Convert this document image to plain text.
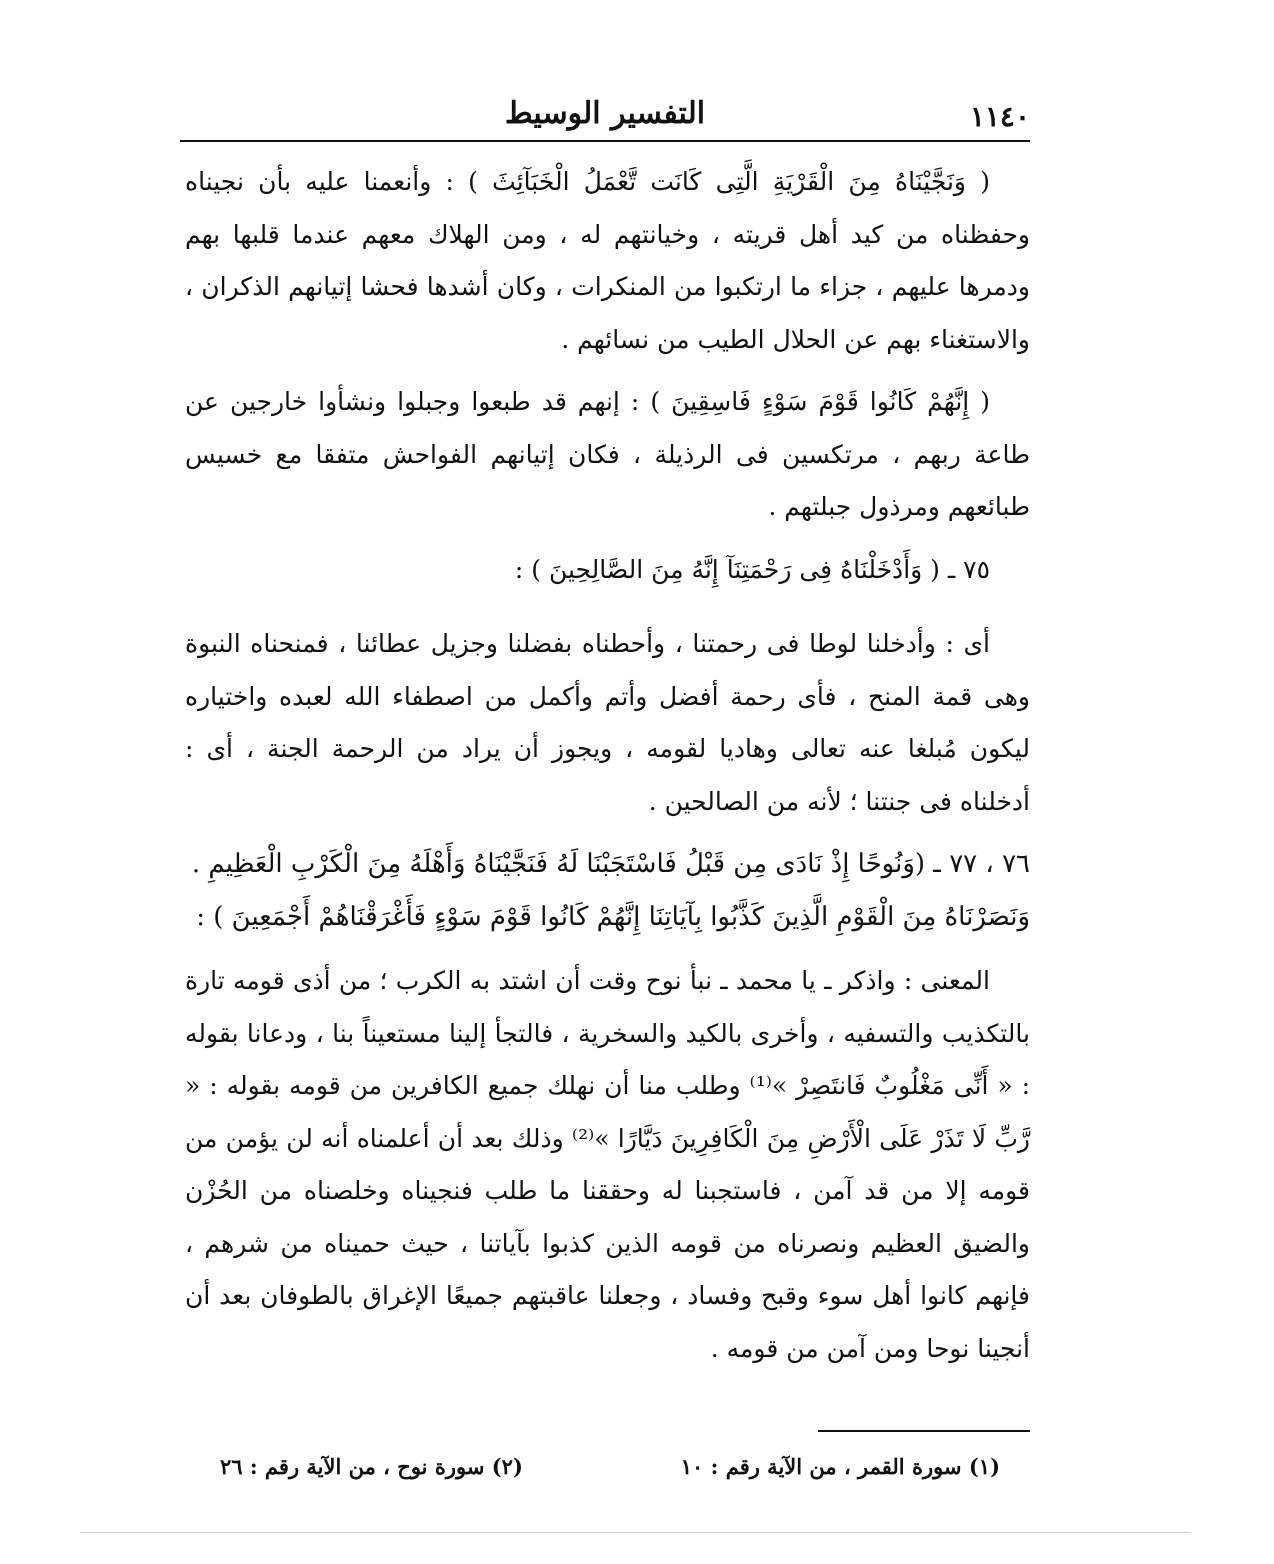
١١٤٠
التفسير الوسيط

( وَنَجَّيْنَاهُ مِنَ الْقَرْيَةِ الَّتِى كَانَت تَّعْمَلُ الْخَبَآئِثَ ) : وأنعمنا عليه بأن نجيناه وحفظناه من كيد أهل قريته ، وخيانتهم له ، ومن الهلاك معهم عندما قلبها بهم ودمرها عليهم ، جزاء ما ارتكبوا من المنكرات ، وكان أشدها فحشا إتيانهم الذكران ، والاستغناء بهم عن الحلال الطيب من نسائهم .

( إِنَّهُمْ كَانُوا قَوْمَ سَوْءٍ فَاسِقِينَ ) : إنهم قد طبعوا وجبلوا ونشأوا خارجين عن طاعة ربهم ، مرتكسين فى الرذيلة ، فكان إتيانهم الفواحش متفقا مع خسيس طبائعهم ومرذول جبلتهم .

٧٥ ـ ( وَأَدْخَلْنَاهُ فِى رَحْمَتِنَآ إِنَّهُ مِنَ الصَّالِحِينَ ) :

أى : وأدخلنا لوطا فى رحمتنا ، وأحطناه بفضلنا وجزيل عطائنا ، فمنحناه النبوة وهى قمة المنح ، فأى رحمة أفضل وأتم وأكمل من اصطفاء الله لعبده واختياره ليكون مُبلغا عنه تعالى وهاديا لقومه ، ويجوز أن يراد من الرحمة الجنة ، أى : أدخلناه فى جنتنا ؛ لأنه من الصالحين .

٧٦ ، ٧٧ ـ (وَنُوحًا إِذْ نَادَى مِن قَبْلُ فَاسْتَجَبْنَا لَهُ فَنَجَّيْنَاهُ وَأَهْلَهُ مِنَ الْكَرْبِ الْعَظِيمِ .

وَنَصَرْنَاهُ مِنَ الْقَوْمِ الَّذِينَ كَذَّبُوا بِآيَاتِنَا إِنَّهُمْ كَانُوا قَوْمَ سَوْءٍ فَأَغْرَقْنَاهُمْ أَجْمَعِينَ ) :

المعنى : واذكر ـ يا محمد ـ نبأ نوح وقت أن اشتد به الكرب ؛ من أذى قومه تارة بالتكذيب والتسفيه ، وأخرى بالكيد والسخرية ، فالتجأ إلينا مستعيناً بنا ، ودعانا بقوله : « أَنِّى مَغْلُوبٌ فَانتَصِرْ »⁽¹⁾ وطلب منا أن نهلك جميع الكافرين من قومه بقوله : « رَّبِّ لَا تَذَرْ عَلَى الْأَرْضِ مِنَ الْكَافِرِينَ دَيَّارًا »⁽²⁾ وذلك بعد أن أعلمناه أنه لن يؤمن من قومه إلا من قد آمن ، فاستجبنا له وحققنا ما طلب فنجيناه وخلصناه من الحُزْن والضيق العظيم ونصرناه من قومه الذين كذبوا بآياتنا ، حيث حميناه من شرهم ، فإنهم كانوا أهل سوء وقبح وفساد ، وجعلنا عاقبتهم جميعًا الإغراق بالطوفان بعد أن أنجينا نوحا ومن آمن من قومه .

(١) سورة القمر ، من الآية رقم : ١٠
(٢) سورة نوح ، من الآية رقم : ٢٦
